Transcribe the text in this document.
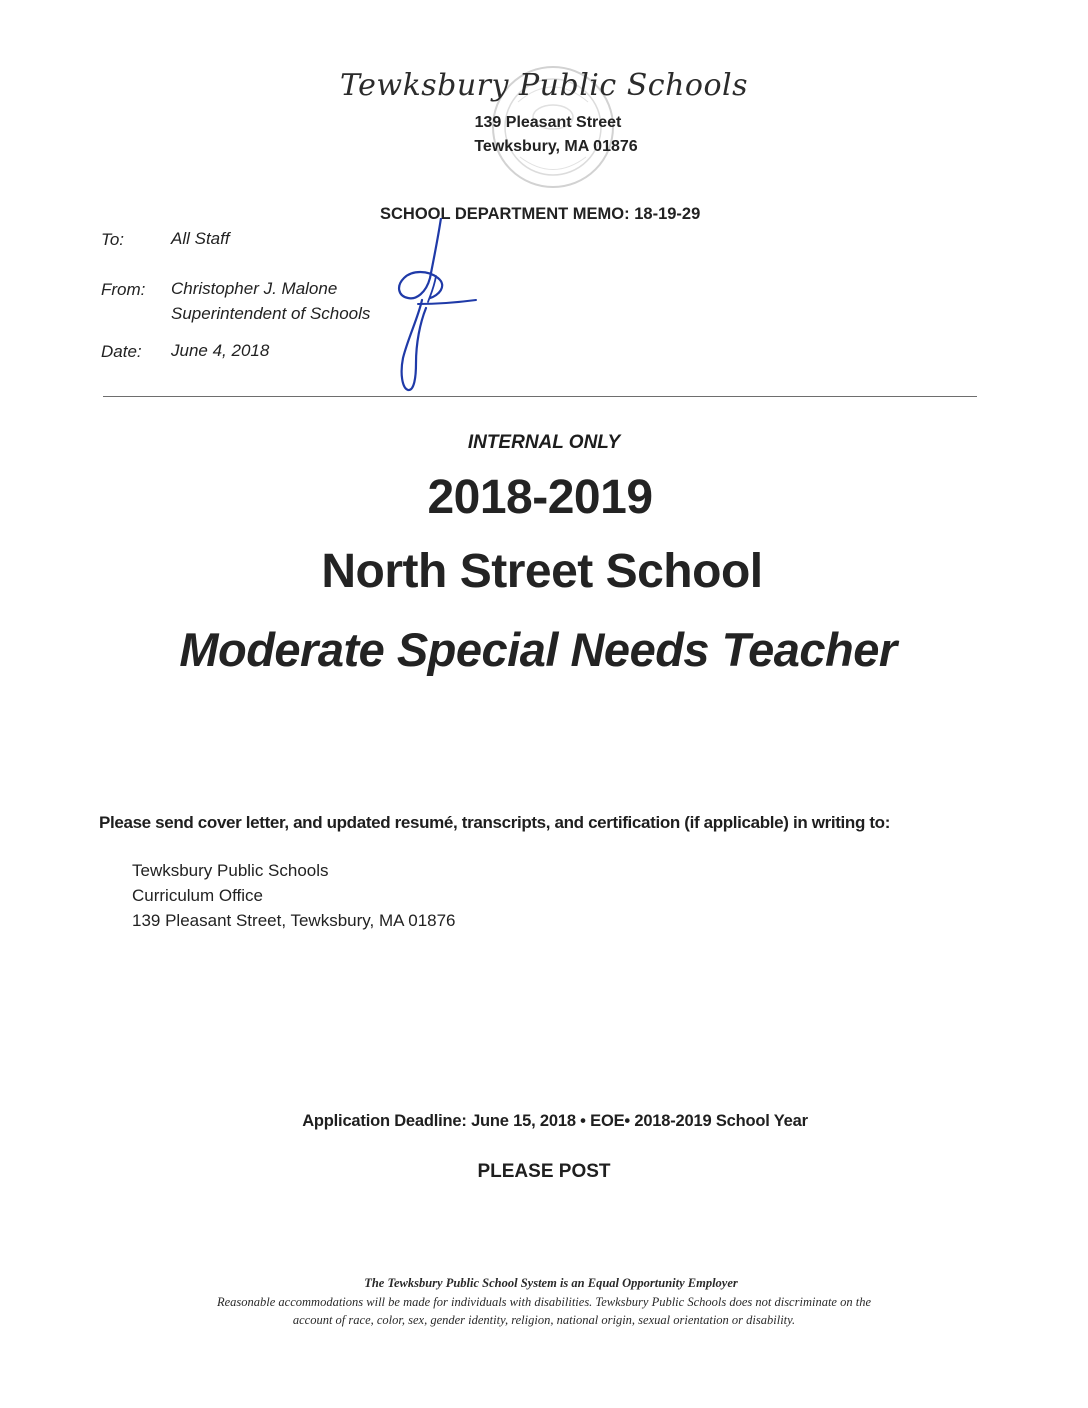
Tewksbury Public Schools
139 Pleasant Street
Tewksbury, MA 01876
SCHOOL DEPARTMENT MEMO: 18-19-29
To:	All Staff
From: Christopher J. Malone
Superintendent of Schools
Date: June 4, 2018
INTERNAL ONLY
2018-2019
North Street School
Moderate Special Needs Teacher
Please send cover letter, and updated resumé, transcripts, and certification (if applicable) in writing to:
Tewksbury Public Schools
Curriculum Office
139 Pleasant Street, Tewksbury, MA 01876
Application Deadline: June 15, 2018 • EOE• 2018-2019 School Year
PLEASE POST
The Tewksbury Public School System is an Equal Opportunity Employer
Reasonable accommodations will be made for individuals with disabilities. Tewksbury Public Schools does not discriminate on the
account of race, color, sex, gender identity, religion, national origin, sexual orientation or disability.
